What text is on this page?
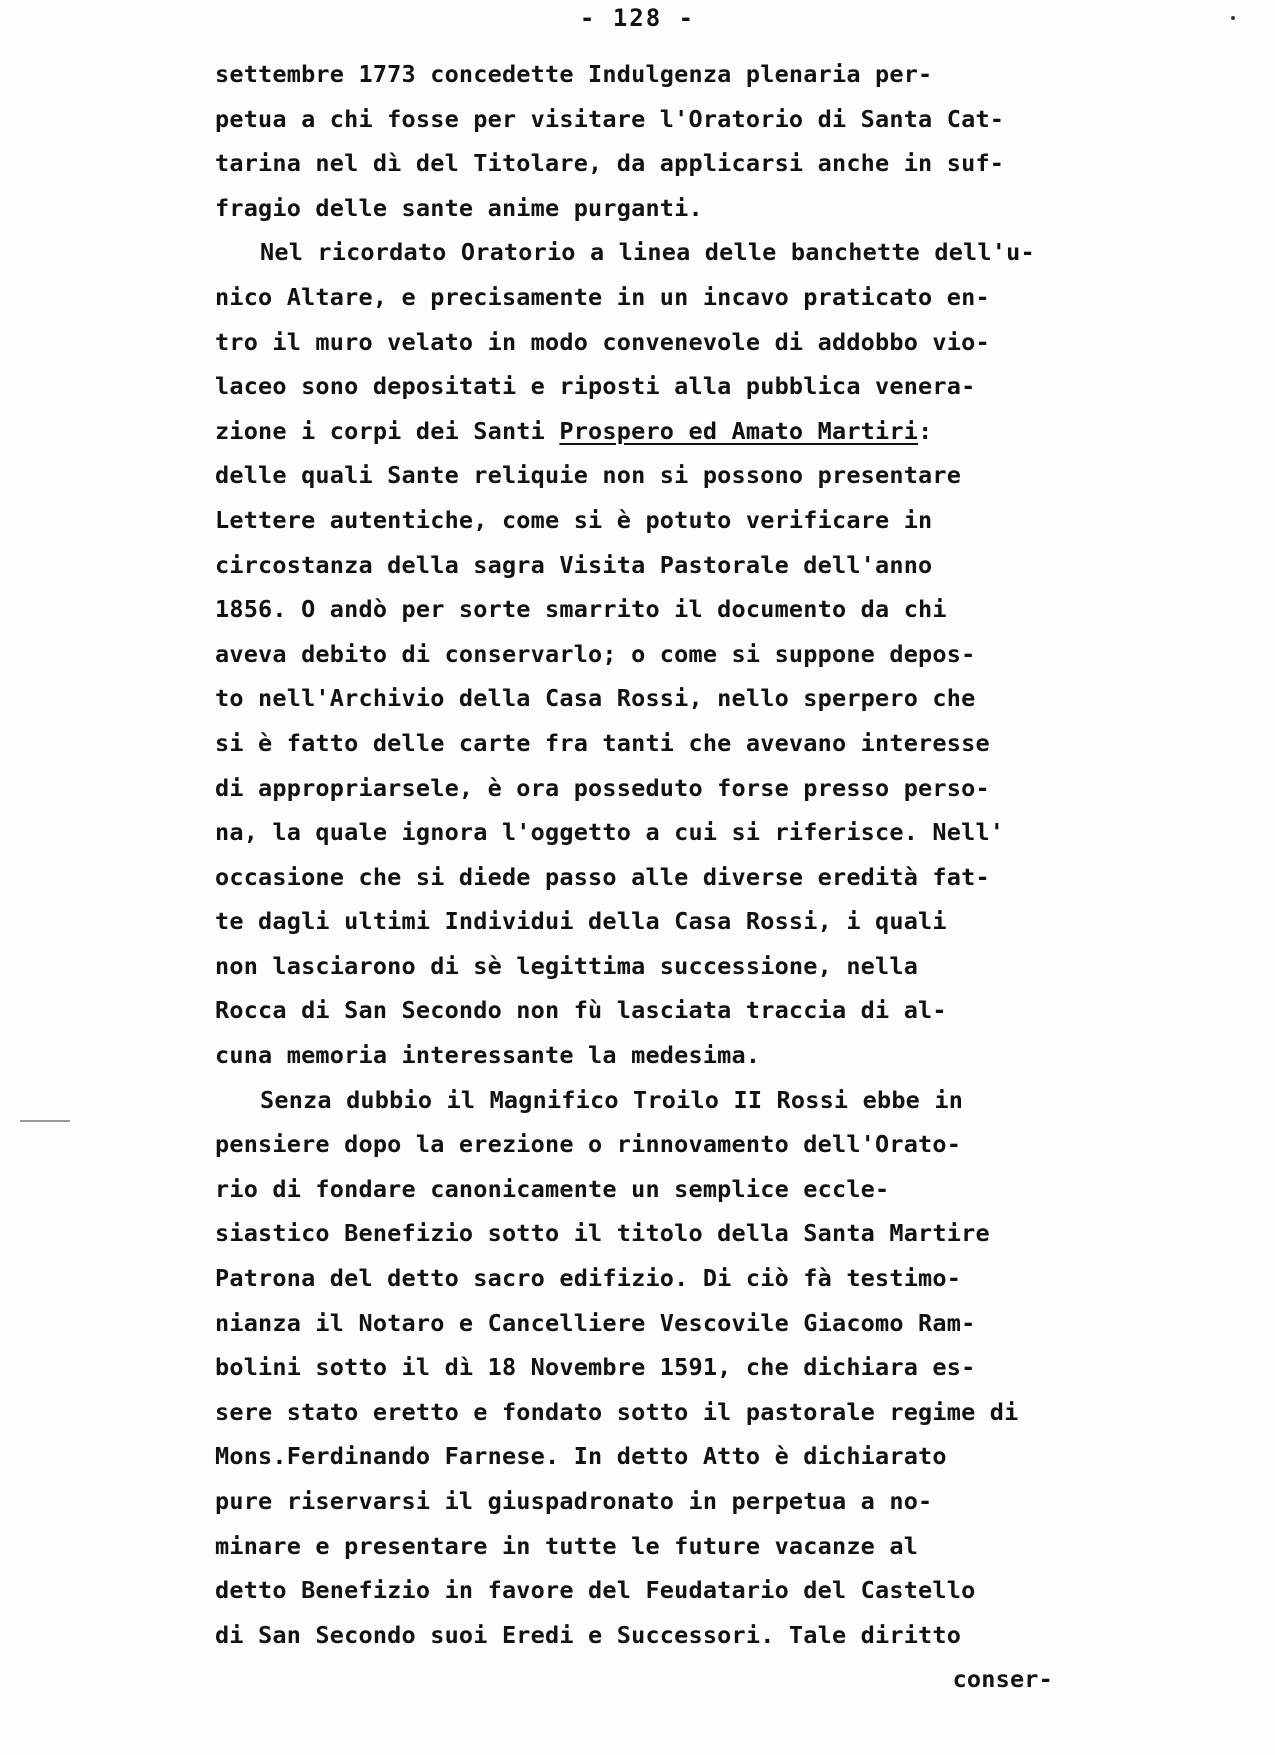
- 128 -
settembre 1773 concedette Indulgenza plenaria per-
petua a chi fosse per visitare l'Oratorio di Santa Cat-
tarina nel dì del Titolare, da applicarsi anche in suf-
fragio delle sante anime purganti.
Nel ricordato Oratorio a linea delle banchette dell'u-
nico Altare, e precisamente in un incavo praticato en-
tro il muro velato in modo convenevole di addobbo vio-
laceo sono depositati e riposti alla pubblica venera-
zione i corpi dei Santi Prospero ed Amato Martiri:
delle quali Sante reliquie non si possono presentare
Lettere autentiche, come si è potuto verificare in
circostanza della sagra Visita Pastorale dell'anno
1856. O andò per sorte smarrito il documento da chi
aveva debito di conservarlo; o come si suppone depos-
to nell'Archivio della Casa Rossi, nello sperpero che
si è fatto delle carte fra tanti che avevano interesse
di appropriarsele, è ora posseduto forse presso perso-
na, la quale ignora l'oggetto a cui si riferisce. Nell'
occasione che si diede passo alle diverse eredità fat-
te dagli ultimi Individui della Casa Rossi, i quali
non lasciarono di sè legittima successione, nella
Rocca di San Secondo non fù lasciata traccia di al-
cuna memoria interessante la medesima.
Senza dubbio il Magnifico Troilo II Rossi ebbe in
pensiere dopo la erezione o rinnovamento dell'Orato-
rio di fondare canonicamente un semplice eccle-
siastico Benefizio sotto il titolo della Santa Martire
Patrona del detto sacro edifizio. Di ciò fà testimo-
nianza il Notaro e Cancelliere Vescovile Giacomo Ram-
bolini sotto il dì 18 Novembre 1591, che dichiara es-
sere stato eretto e fondato sotto il pastorale regime di
Mons.Ferdinando Farnese. In detto Atto è dichiarato
pure riservarsi il giuspadronato in perpetua a no-
minare e presentare in tutte le future vacanze al
detto Benefizio in favore del Feudatario del Castello
di San Secondo suoi Eredi e Successori. Tale diritto
conser-
